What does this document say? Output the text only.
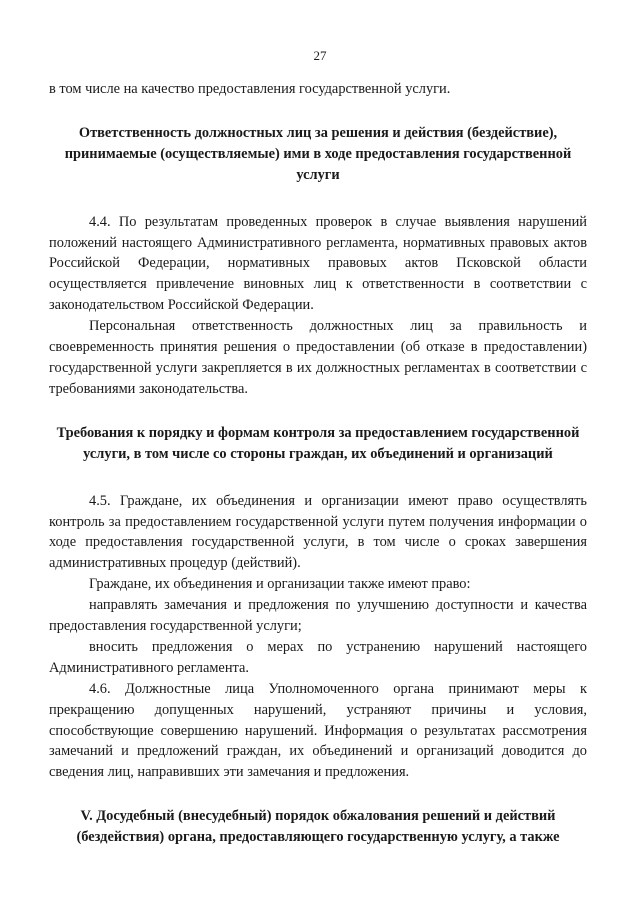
27

в том числе на качество предоставления государственной услуги.

Ответственность должностных лиц за решения и действия (бездействие), принимаемые (осуществляемые) ими в ходе предоставления государственной услуги

4.4. По результатам проведенных проверок в случае выявления нарушений положений настоящего Административного регламента, нормативных правовых актов Российской Федерации, нормативных правовых актов Псковской области осуществляется привлечение виновных лиц к ответственности в соответствии с законодательством Российской Федерации.

Персональная ответственность должностных лиц за правильность и своевременность принятия решения о предоставлении (об отказе в предоставлении) государственной услуги закрепляется в их должностных регламентах в соответствии с требованиями законодательства.

Требования к порядку и формам контроля за предоставлением государственной услуги, в том числе со стороны граждан, их объединений и организаций

4.5. Граждане, их объединения и организации имеют право осуществлять контроль за предоставлением государственной услуги путем получения информации о ходе предоставления государственной услуги, в том числе о сроках завершения административных процедур (действий).

Граждане, их объединения и организации также имеют право:

направлять замечания и предложения по улучшению доступности и качества предоставления государственной услуги;

вносить предложения о мерах по устранению нарушений настоящего Административного регламента.

4.6. Должностные лица Уполномоченного органа принимают меры к прекращению допущенных нарушений, устраняют причины и условия, способствующие совершению нарушений. Информация о результатах рассмотрения замечаний и предложений граждан, их объединений и организаций доводится до сведения лиц, направивших эти замечания и предложения.

V. Досудебный (внесудебный) порядок обжалования решений и действий (бездействия) органа, предоставляющего государственную услугу, а также
